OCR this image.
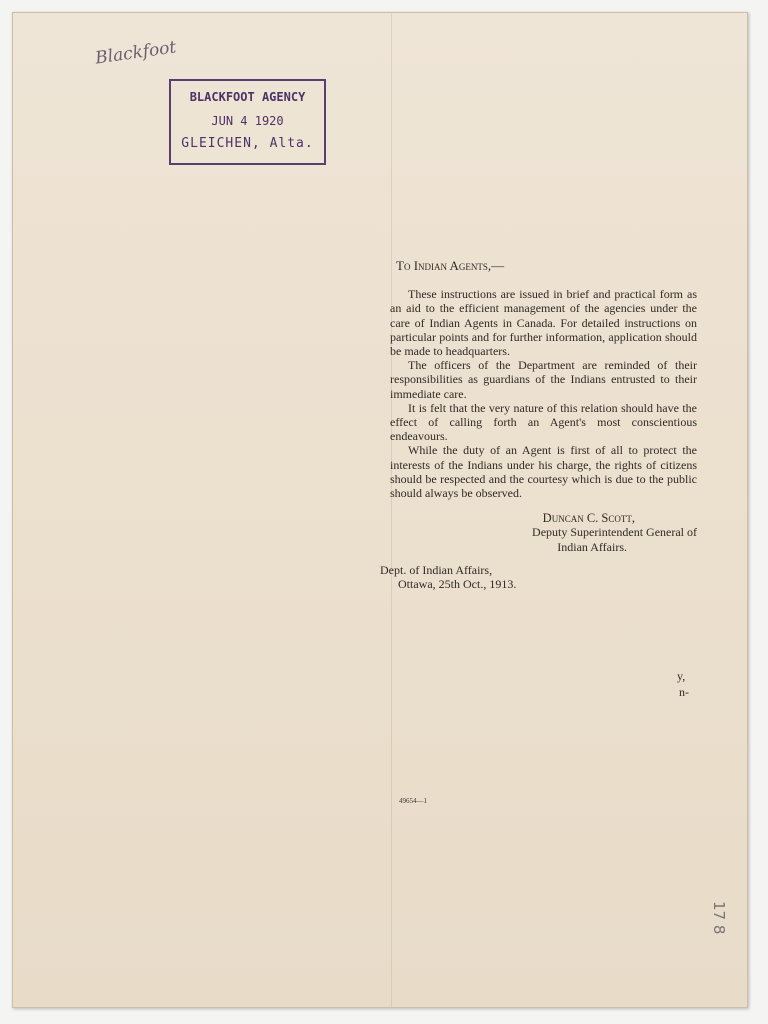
Blackfoot
BLACKFOOT AGENCY
JUN 4 1920
GLEICHEN, Alta.
To Indian Agents,—

These instructions are issued in brief and practical form as an aid to the efficient management of the agencies under the care of Indian Agents in Canada. For detailed instructions on particular points and for further information, application should be made to headquarters.

The officers of the Department are reminded of their responsibilities as guardians of the Indians entrusted to their immediate care.

It is felt that the very nature of this relation should have the effect of calling forth an Agent's most conscientious endeavours.

While the duty of an Agent is first of all to protect the interests of the Indians under his charge, the rights of citizens should be respected and the courtesy which is due to the public should always be observed.

Duncan C. Scott,
Deputy Superintendent General of
Indian Affairs.
Dept. of Indian Affairs,
Ottawa, 25th Oct., 1913.
y,
n-
49654—1
17 8
